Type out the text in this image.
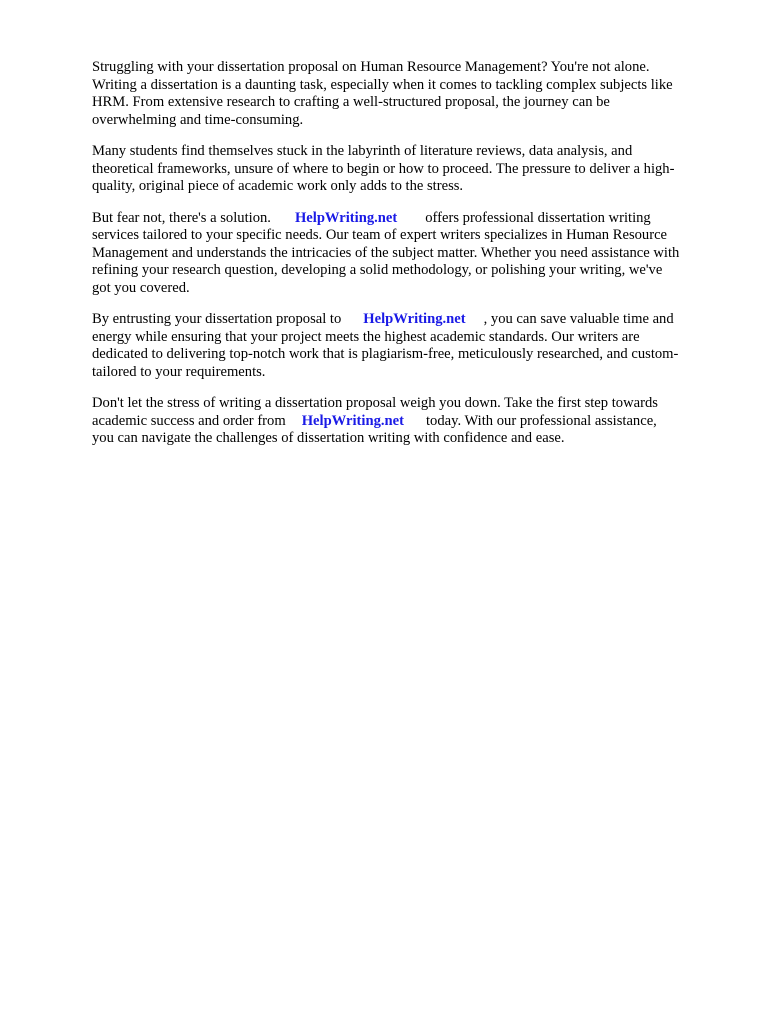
Struggling with your dissertation proposal on Human Resource Management? You're not alone.
Writing a dissertation is a daunting task, especially when it comes to tackling complex subjects like
HRM. From extensive research to crafting a well-structured proposal, the journey can be
overwhelming and time-consuming.

Many students find themselves stuck in the labyrinth of literature reviews, data analysis, and
theoretical frameworks, unsure of where to begin or how to proceed. The pressure to deliver a high-
quality, original piece of academic work only adds to the stress.

But fear not, there's a solution. HelpWriting.net offers professional dissertation writing
services tailored to your specific needs. Our team of expert writers specializes in Human Resource
Management and understands the intricacies of the subject matter. Whether you need assistance with
refining your research question, developing a solid methodology, or polishing your writing, we've
got you covered.

By entrusting your dissertation proposal to HelpWriting.net , you can save valuable time and
energy while ensuring that your project meets the highest academic standards. Our writers are
dedicated to delivering top-notch work that is plagiarism-free, meticulously researched, and custom-
tailored to your requirements.

Don't let the stress of writing a dissertation proposal weigh you down. Take the first step towards
academic success and order from HelpWriting.net today. With our professional assistance,
you can navigate the challenges of dissertation writing with confidence and ease.
